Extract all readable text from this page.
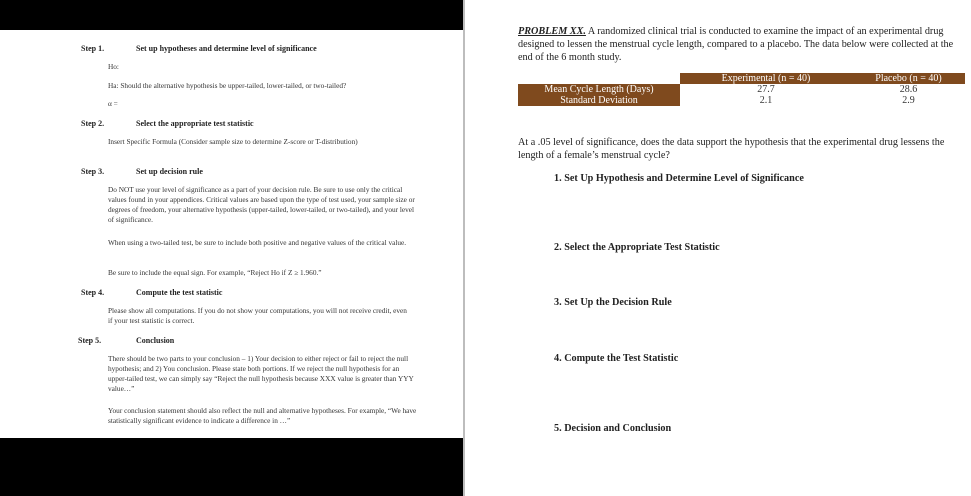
Step 1.	Set up hypotheses and determine level of significance
Ho:
Ha: Should the alternative hypothesis be upper-tailed, lower-tailed, or two-tailed?
α =
Step 2.	Select the appropriate test statistic
Insert Specific Formula (Consider sample size to determine Z-score or T-distribution)
Step 3.	Set up decision rule
Do NOT use your level of significance as a part of your decision rule. Be sure to use only the critical values found in your appendices. Critical values are based upon the type of test used, your sample size or degrees of freedom, your alternative hypothesis (upper-tailed, lower-tailed, or two-tailed), and your level of significance.
When using a two-tailed test, be sure to include both positive and negative values of the critical value.
Be sure to include the equal sign. For example, “Reject Ho if Z ≥ 1.960.”
Step 4.	Compute the test statistic
Please show all computations. If you do not show your computations, you will not receive credit, even if your test statistic is correct.
Step 5.	Conclusion
There should be two parts to your conclusion – 1) Your decision to either reject or fail to reject the null hypothesis; and 2) You conclusion. Please state both portions. If we reject the null hypothesis for an upper-tailed test, we can simply say “Reject the null hypothesis because XXX value is greater than YYY value…”
Your conclusion statement should also reflect the null and alternative hypotheses. For example, “We have statistically significant evidence to indicate a difference in …”
PROBLEM XX. A randomized clinical trial is conducted to examine the impact of an experimental drug designed to lessen the menstrual cycle length, compared to a placebo. The data below were collected at the end of the 6 month study.
	Experimental (n = 40)	Placebo (n = 40)
Mean Cycle Length (Days)	27.7	28.6
Standard Deviation	2.1	2.9
At a .05 level of significance, does the data support the hypothesis that the experimental drug lessens the length of a female’s menstrual cycle?
1. Set Up Hypothesis and Determine Level of Significance
2. Select the Appropriate Test Statistic
3. Set Up the Decision Rule
4. Compute the Test Statistic
5. Decision and Conclusion
